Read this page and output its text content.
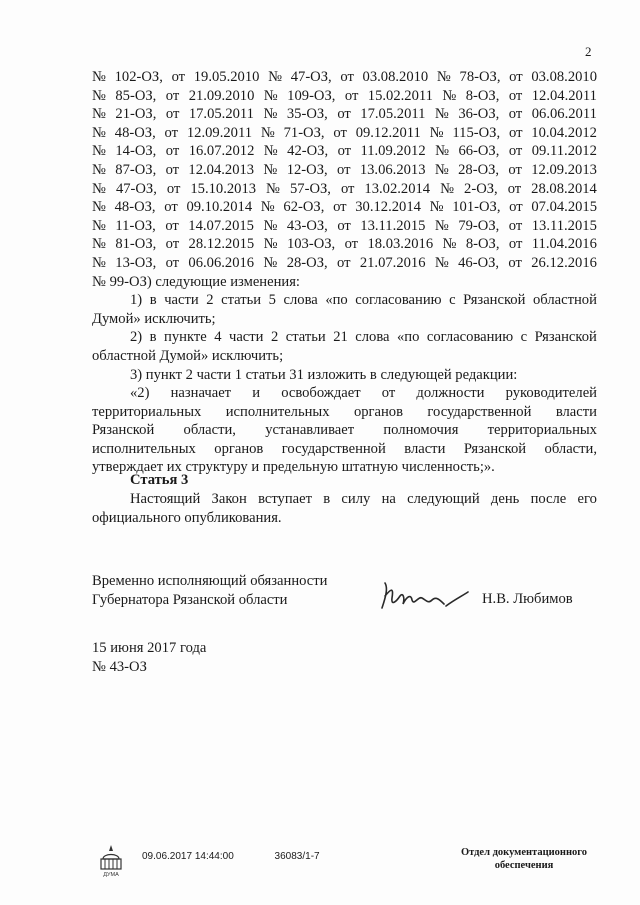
2
№ 102-ОЗ, от 19.05.2010 № 47-ОЗ, от 03.08.2010 № 78-ОЗ, от 03.08.2010
№ 85-ОЗ, от 21.09.2010 № 109-ОЗ, от 15.02.2011 № 8-ОЗ, от 12.04.2011
№ 21-ОЗ, от 17.05.2011 № 35-ОЗ, от 17.05.2011 № 36-ОЗ, от 06.06.2011
№ 48-ОЗ, от 12.09.2011 № 71-ОЗ, от 09.12.2011 № 115-ОЗ, от 10.04.2012
№ 14-ОЗ, от 16.07.2012 № 42-ОЗ, от 11.09.2012 № 66-ОЗ, от 09.11.2012
№ 87-ОЗ, от 12.04.2013 № 12-ОЗ, от 13.06.2013 № 28-ОЗ, от 12.09.2013
№ 47-ОЗ, от 15.10.2013 № 57-ОЗ, от 13.02.2014 № 2-ОЗ, от 28.08.2014
№ 48-ОЗ, от 09.10.2014 № 62-ОЗ, от 30.12.2014 № 101-ОЗ, от 07.04.2015
№ 11-ОЗ, от 14.07.2015 № 43-ОЗ, от 13.11.2015 № 79-ОЗ, от 13.11.2015
№ 81-ОЗ, от 28.12.2015 № 103-ОЗ, от 18.03.2016 № 8-ОЗ, от 11.04.2016
№ 13-ОЗ, от 06.06.2016 № 28-ОЗ, от 21.07.2016 № 46-ОЗ, от 26.12.2016
№ 99-ОЗ) следующие изменения:
1) в части 2 статьи 5 слова «по согласованию с Рязанской областной
Думой» исключить;
2) в пункте 4 части 2 статьи 21 слова «по согласованию с Рязанской
областной Думой» исключить;
3) пункт 2 части 1 статьи 31 изложить в следующей редакции:
«2) назначает и освобождает от должности руководителей
территориальных исполнительных органов государственной власти
Рязанской области, устанавливает полномочия территориальных
исполнительных органов государственной власти Рязанской области,
утверждает их структуру и предельную штатную численность;».
Статья 3
Настоящий Закон вступает в силу на следующий день после его
официального опубликования.
Временно исполняющий обязанности
Губернатора Рязанской области	Н.В. Любимов
15 июня 2017 года
№ 43-ОЗ
ДУМА
09.06.2017 14:44:00	36083/1-7	Отдел документационного
обеспечения
